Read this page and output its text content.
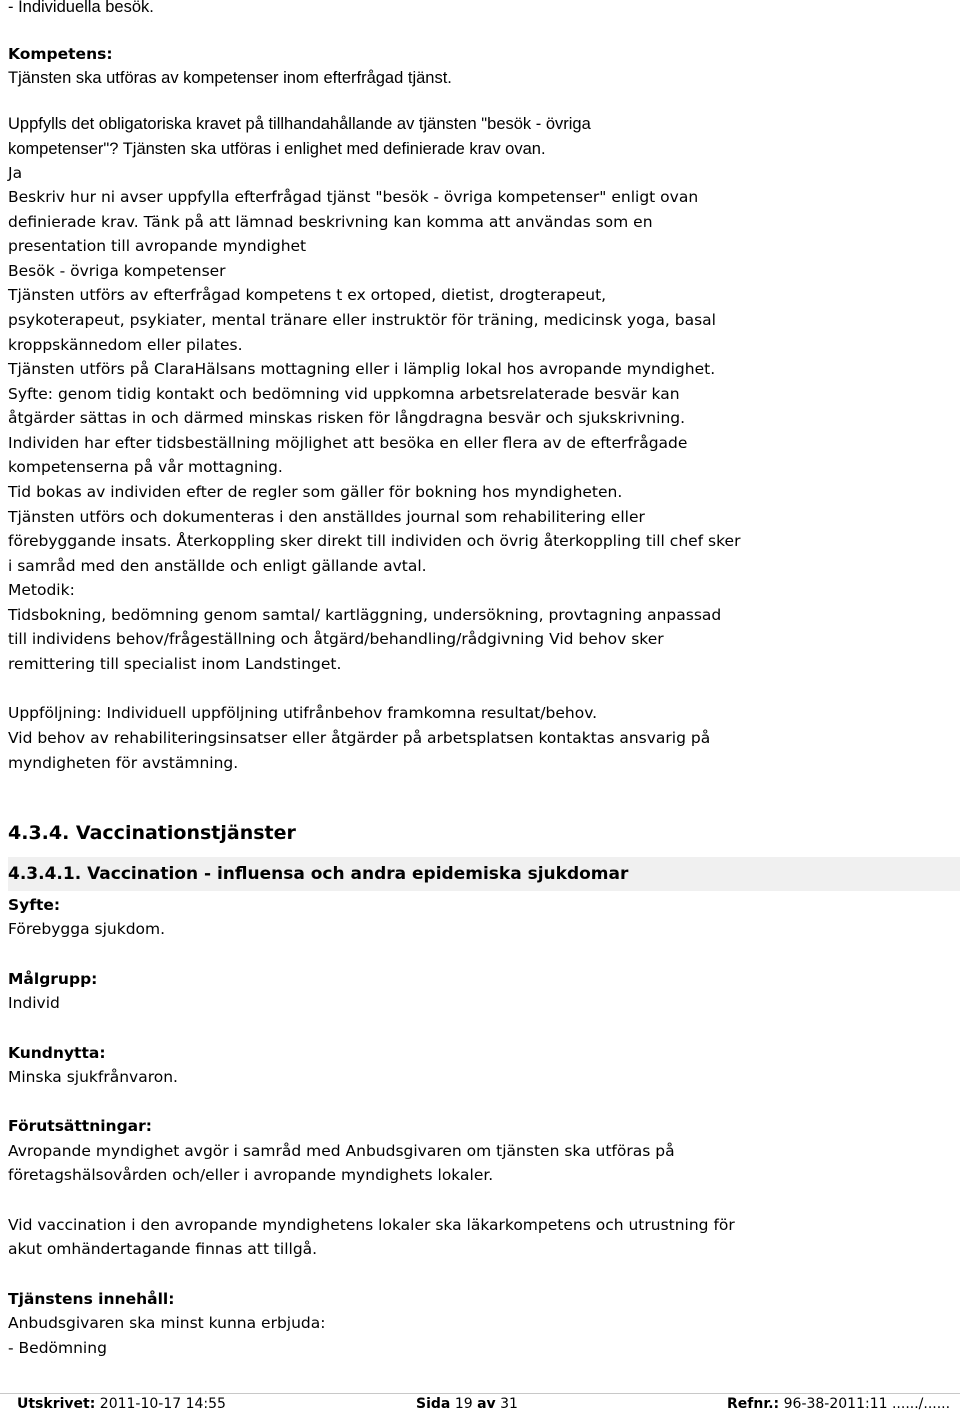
- Individuella besök.
Kompetens:
Tjänsten ska utföras av kompetenser inom efterfrågad tjänst.
Uppfylls det obligatoriska kravet på tillhandahållande av tjänsten "besök - övriga
kompetenser"? Tjänsten ska utföras i enlighet med definierade krav ovan.
Ja
Beskriv hur ni avser uppfylla efterfrågad tjänst "besök - övriga kompetenser" enligt ovan
definierade krav. Tänk på att lämnad beskrivning kan komma att användas som en
presentation till avropande myndighet
Besök - övriga kompetenser
Tjänsten utförs av efterfrågad kompetens t ex ortoped, dietist, drogterapeut,
psykoterapeut, psykiater, mental tränare eller instruktör för träning, medicinsk yoga, basal
kroppskännedom eller pilates.
Tjänsten utförs på ClaraHälsans mottagning eller i lämplig lokal hos avropande myndighet.
Syfte: genom tidig kontakt och bedömning vid uppkomna arbetsrelaterade besvär kan
åtgärder sättas in och därmed minskas risken för långdragna besvär och sjukskrivning.
Individen har efter tidsbeställning möjlighet att besöka en eller flera av de efterfrågade
kompetenserna på vår mottagning.
Tid bokas av individen efter de regler som gäller för bokning hos myndigheten.
Tjänsten utförs och dokumenteras i den anställdes journal som rehabilitering eller
förebyggande insats. Återkoppling sker direkt till individen och övrig återkoppling till chef sker
i samråd med den anställde och enligt gällande avtal.
Metodik:
Tidsbokning, bedömning genom samtal/ kartläggning, undersökning, provtagning anpassad
till individens behov/frågeställning och åtgärd/behandling/rådgivning Vid behov sker
remittering till specialist inom Landstinget.
Uppföljning: Individuell uppföljning utifrånbehov framkomna resultat/behov.
Vid behov av rehabiliteringsinsatser eller åtgärder på arbetsplatsen kontaktas ansvarig på
myndigheten för avstämning.
4.3.4. Vaccinationstjänster
4.3.4.1. Vaccination - influensa och andra epidemiska sjukdomar
Syfte:
Förebygga sjukdom.
Målgrupp:
Individ
Kundnytta:
Minska sjukfrånvaron.
Förutsättningar:
Avropande myndighet avgör i samråd med Anbudsgivaren om tjänsten ska utföras på
företagshälsovården och/eller i avropande myndighets lokaler.
Vid vaccination i den avropande myndighetens lokaler ska läkarkompetens och utrustning för
akut omhändertagande finnas att tillgå.
Tjänstens innehåll:
Anbudsgivaren ska minst kunna erbjuda:
- Bedömning
Utskrivet: 2011-10-17 14:55	Sida 19 av 31	Refnr.: 96-38-2011:11 ....../......
